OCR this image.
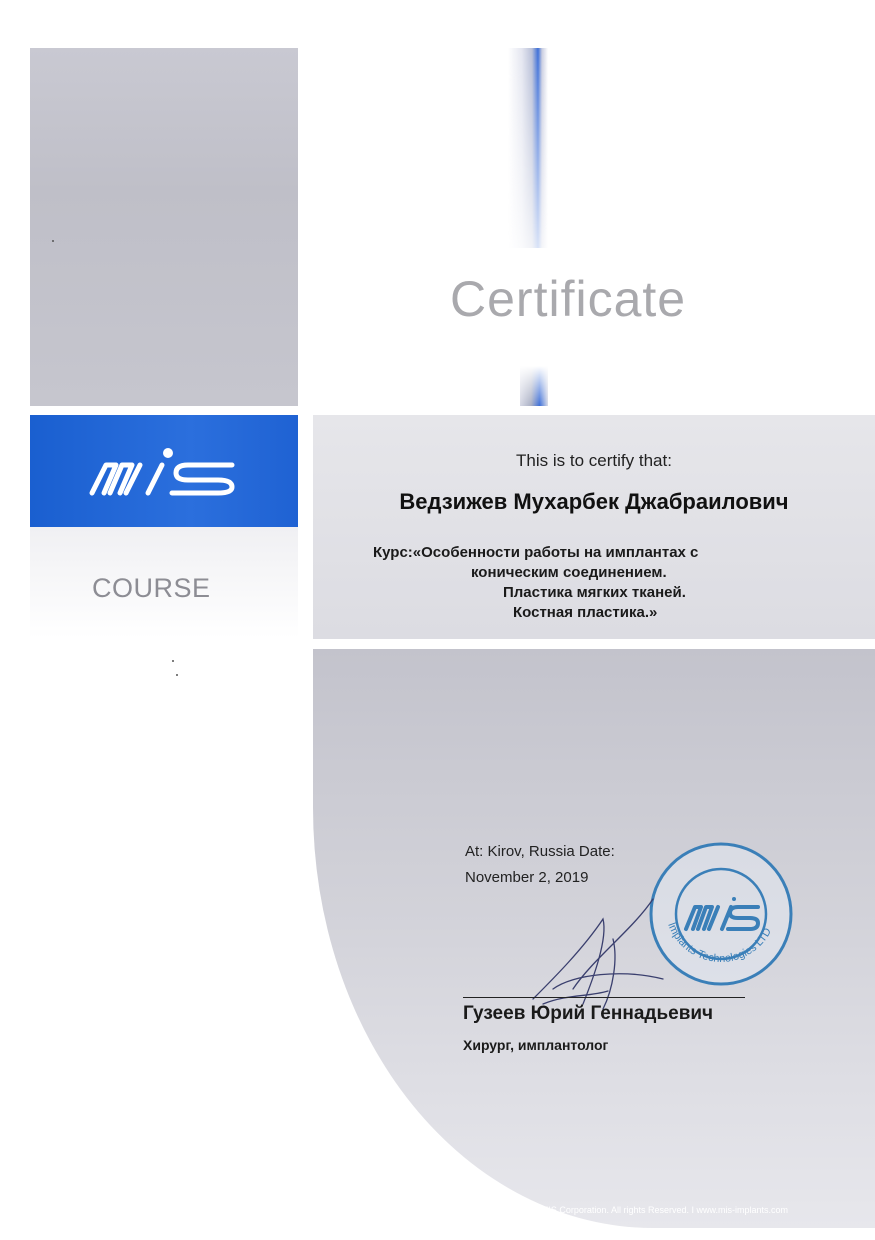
Certificate
COURSE
This is to certify that:
Ведзижев Мухарбек Джабраилович
Курс:«Особенности работы на имплантах с
коническим соединением.
Пластика мягких тканей.
Костная пластика.»
At: Kirov, Russia Date:
November 2, 2019
Implants Technologies LTD
Гузеев Юрий Геннадьевич
Хирург, имплантолог
© MIS Corporation. All rights Reserved. I www.mis-implants.com
